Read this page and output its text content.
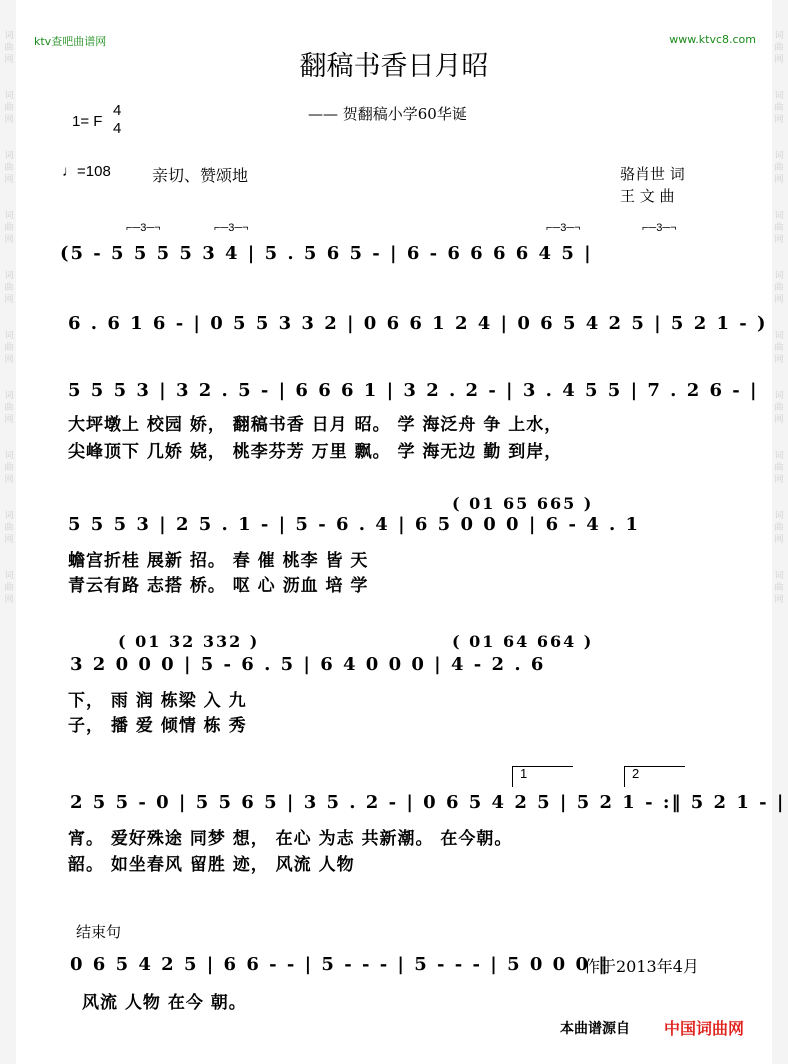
词曲网

词曲网

词曲网

词曲网

词曲网

词曲网

词曲网

词曲网

词曲网

词曲网
词曲网

词曲网

词曲网

词曲网

词曲网

词曲网

词曲网

词曲网

词曲网

词曲网
ktv查吧曲谱网	www.ktvc8.com
翻稿书香日月昭
—— 贺翻稿小学60华诞
1= F
4
4
♩=108	亲切、赞颂地	骆肖世 词
王 文 曲
⌐─3─¬	⌐─3─¬	⌐─3─¬	⌐─3─¬
(5 - 5 5 5 5 3 4 | 5 . 5 6 5 - | 6 - 6 6 6 6 4 5 |
6 . 6 1 6 - | 0 5 5 3 3 2 | 0 6 6 1 2 4 | 0 6 5 4 2 5 | 5 2 1 - )
5 5 5 3 | 3 2 . 5 - | 6 6 6 1 | 3 2 . 2 - | 3 . 4 5 5 | 7 . 2 6 - |
大坪墩上 校园 娇， 翻稿书香 日月 昭。 学 海泛舟 争 上水，
尖峰顶下 几娇 娆， 桃李芬芳 万里 飘。 学 海无边 勤 到岸，
( 01 65 665 )
5 5 5 3 | 2 5 . 1 - | 5 - 6 . 4 | 6 5 0 0 0 | 6 - 4 . 1
蟾宫折桂 展新 招。 春 催 桃李 皆 天
青云有路 志搭 桥。 呕 心 沥血 培 学
( 01 32 332 )	( 01 64 664 )
3 2 0 0 0 | 5 - 6 . 5 | 6 4 0 0 0 | 4 - 2 . 6
下， 雨 润 栋梁 入 九
子， 播 爱 倾情 栋 秀
1	2
2 5 5 - 0 | 5 5 6 5 | 3 5 . 2 - | 0 6 5 4 2 5 | 5 2 1 - :‖ 5 2 1 - |
宵。 爱好殊途 同梦 想， 在心 为志 共新潮。 在今朝。
韶。 如坐春风 留胜 迹， 风流 人物
结束句
0 6 5 4 2 5 | 6 6 - - | 5 - - - | 5 - - - | 5 0 0 0 ‖
作于2013年4月
风流 人物 在今 朝。
本曲谱源自 中国词曲网
